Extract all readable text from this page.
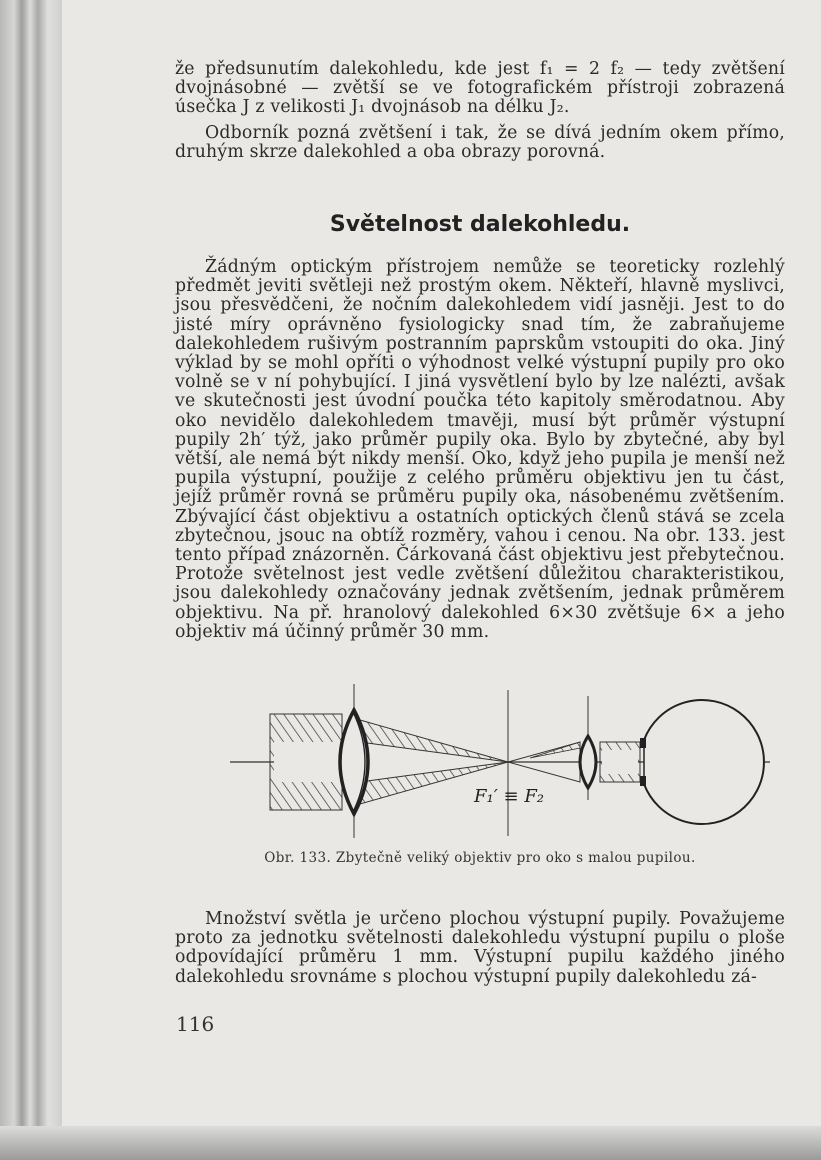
že předsunutím dalekohledu, kde jest f₁ = 2 f₂ — tedy zvětšení dvojnásobné — zvětší se ve fotografickém přístroji zobrazená úsečka J z velikosti J₁ dvojnásob na délku J₂.

Odborník pozná zvětšení i tak, že se dívá jedním okem přímo, druhým skrze dalekohled a oba obrazy porovná.

Světelnost dalekohledu.

Žádným optickým přístrojem nemůže se teoreticky rozlehlý předmět jeviti světleji než prostým okem. Někteří, hlavně myslivci, jsou přesvědčeni, že nočním dalekohledem vidí jasněji. Jest to do jisté míry oprávněno fysiologicky snad tím, že zabraňujeme dalekohledem rušivým postranním paprskům vstoupiti do oka. Jiný výklad by se mohl opříti o výhodnost velké výstupní pupily pro oko volně se v ní pohybující. I jiná vysvětlení bylo by lze nalézti, avšak ve skutečnosti jest úvodní poučka této kapitoly směrodatnou. Aby oko nevidělo dalekohledem tmavěji, musí být průměr výstupní pupily 2h′ týž, jako průměr pupily oka. Bylo by zbytečné, aby byl větší, ale nemá být nikdy menší. Oko, když jeho pupila je menší než pupila výstupní, použije z celého průměru objektivu jen tu část, jejíž průměr rovná se průměru pupily oka, násobenému zvětšením. Zbývající část objektivu a ostatních optických členů stává se zcela zbytečnou, jsouc na obtíž rozměry, vahou i cenou. Na obr. 133. jest tento případ znázorněn. Čárkovaná část objektivu jest přebytečnou. Protože světelnost jest vedle zvětšení důležitou charakteristikou, jsou dalekohledy označovány jednak zvětšením, jednak průměrem objektivu. Na př. hranolový dalekohled 6×30 zvětšuje 6× a jeho objektiv má účinný průměr 30 mm.

F₁′ ≡ F₂
Obr. 133. Zbytečně veliký objektiv pro oko s malou pupilou.

Množství světla je určeno plochou výstupní pupily. Považujeme proto za jednotku světelnosti dalekohledu výstupní pupilu o ploše odpovídající průměru 1 mm. Výstupní pupilu každého jiného dalekohledu srovnáme s plochou výstupní pupily dalekohledu zá-

116
